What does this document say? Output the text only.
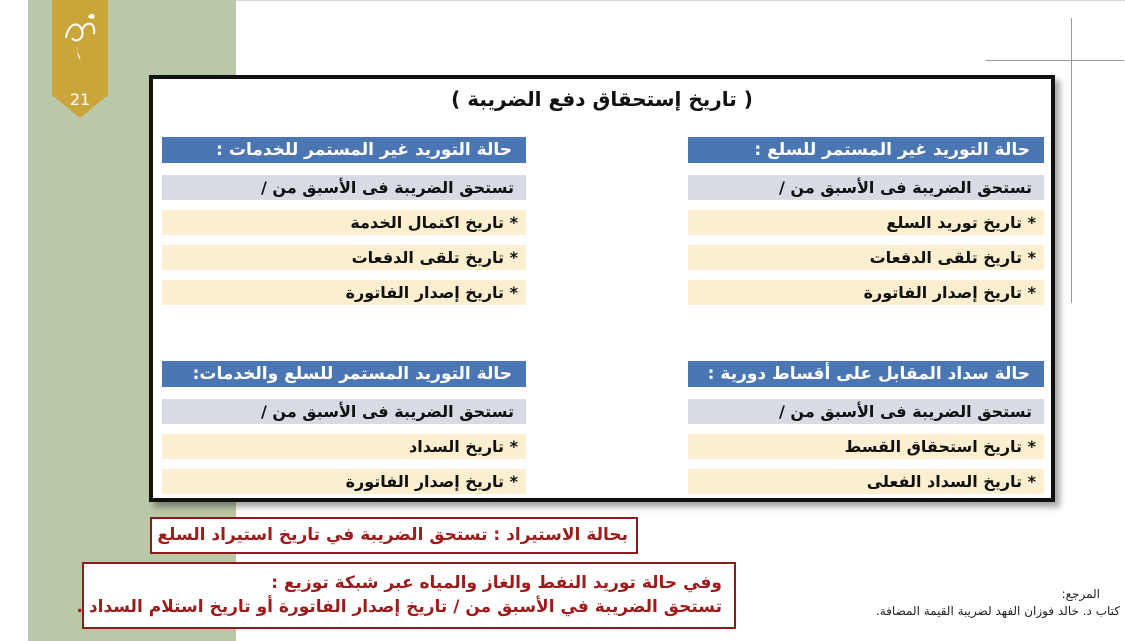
21	( تاريخ إستحقاق دفع الضريبة )
حالة التوريد غير المستمر للسلع :
تستحق الضريبة فى الأسبق من /
* تاريخ توريد السلع
* تاريخ تلقى الدفعات
* تاريخ إصدار الفاتورة
حالة التوريد غير المستمر للخدمات :
تستحق الضريبة فى الأسبق من /
* تاريخ اكتمال الخدمة
* تاريخ تلقى الدفعات
* تاريخ إصدار الفاتورة
حالة سداد المقابل على أقساط دورية :
تستحق الضريبة فى الأسبق من /
* تاريخ استحقاق القسط
* تاريخ السداد الفعلى
حالة التوريد المستمر للسلع والخدمات:
تستحق الضريبة فى الأسبق من /
* تاريخ السداد
* تاريخ إصدار الفاتورة
بحالة الاستيراد : تستحق الضريبة في تاريخ استيراد السلع
وفي حالة توريد النفط والغاز والمياه عبر شبكة توزيع :
تستحق الضريبة في الأسبق من / تاريخ إصدار الفاتورة أو تاريخ استلام السداد .
المرجع:
كتاب د. خالد فوزان الفهد لضريبة القيمة المضافة.
